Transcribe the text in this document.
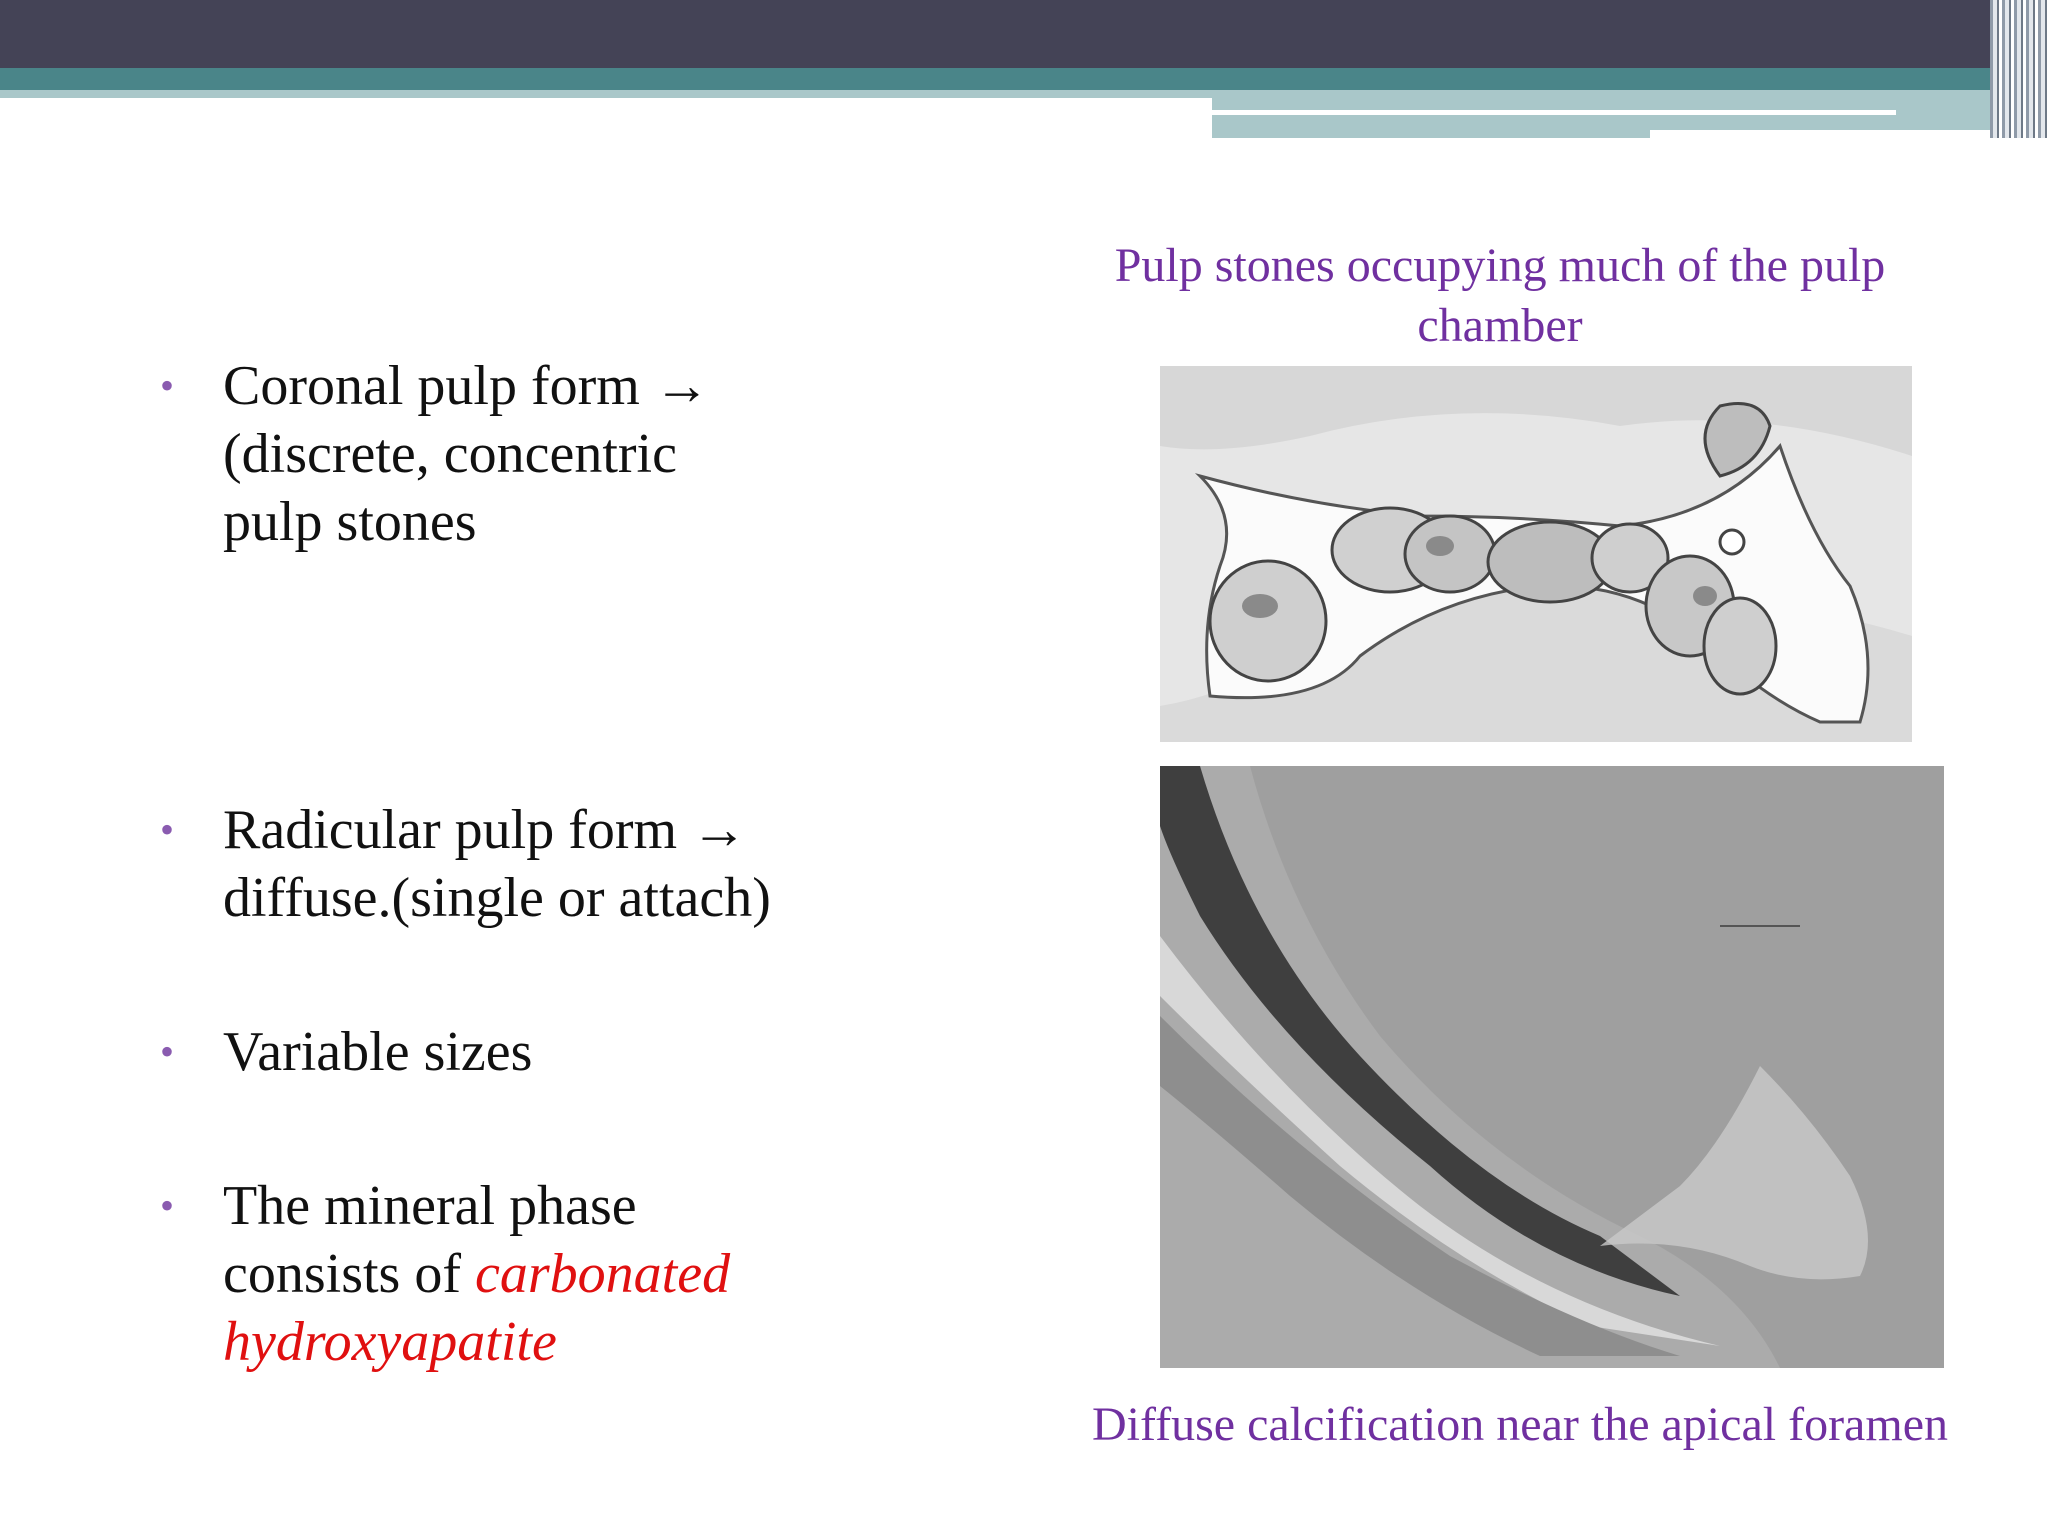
• Coronal pulp form →
(discrete, concentric
pulp stones
• Radicular pulp form →
diffuse.(single or attach)
• Variable sizes
• The mineral phase
consists of carbonated
hydroxyapatite
Pulp stones occupying much of the pulp chamber
Diffuse calcification near the apical foramen
